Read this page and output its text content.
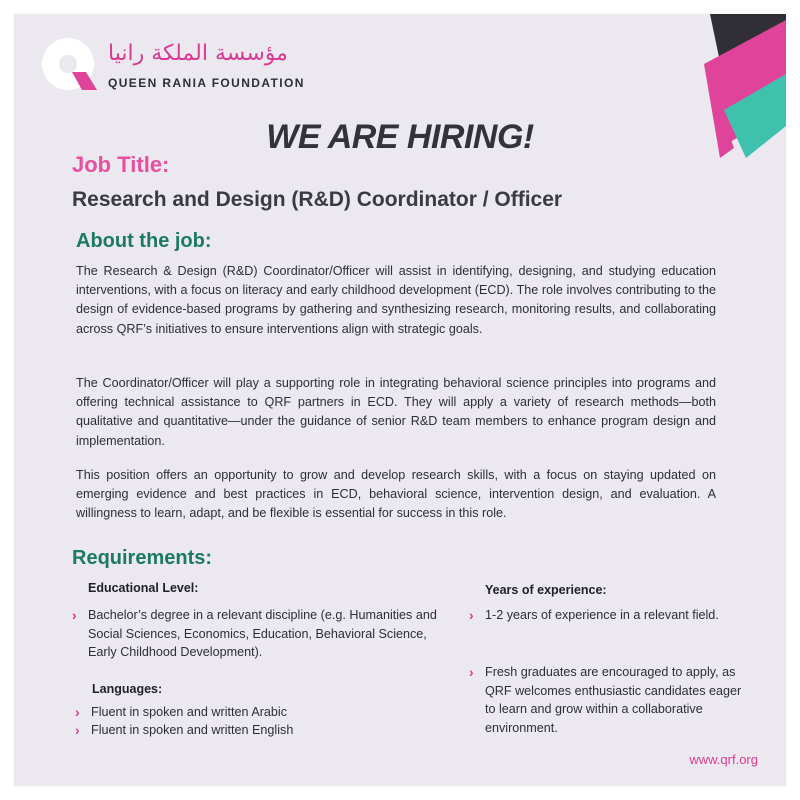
مؤسسة الملكة رانيا
QUEEN RANIA FOUNDATION
WE ARE HIRING!
Job Title:
Research and Design (R&D) Coordinator / Officer
About the job:

The Research & Design (R&D) Coordinator/Officer will assist in identifying, designing, and studying education interventions, with a focus on literacy and early childhood development (ECD). The role involves contributing to the design of evidence-based programs by gathering and synthesizing research, monitoring results, and collaborating across QRF’s initiatives to ensure interventions align with strategic goals.

The Coordinator/Officer will play a supporting role in integrating behavioral science principles into programs and offering technical assistance to QRF partners in ECD. They will apply a variety of research methods—both qualitative and quantitative—under the guidance of senior R&D team members to enhance program design and implementation.

This position offers an opportunity to grow and develop research skills, with a focus on staying updated on emerging evidence and best practices in ECD, behavioral science, intervention design, and evaluation. A willingness to learn, adapt, and be flexible is essential for success in this role.

Requirements:
Educational Level:
› Bachelor’s degree in a relevant discipline (e.g. Humanities and Social Sciences, Economics, Education, Behavioral Science, Early Childhood Development).
Languages:
› Fluent in spoken and written Arabic
› Fluent in spoken and written English
Years of experience:
› 1-2 years of experience in a relevant field.
› Fresh graduates are encouraged to apply, as QRF welcomes enthusiastic candidates eager to learn and grow within a collaborative environment.
www.qrf.org
